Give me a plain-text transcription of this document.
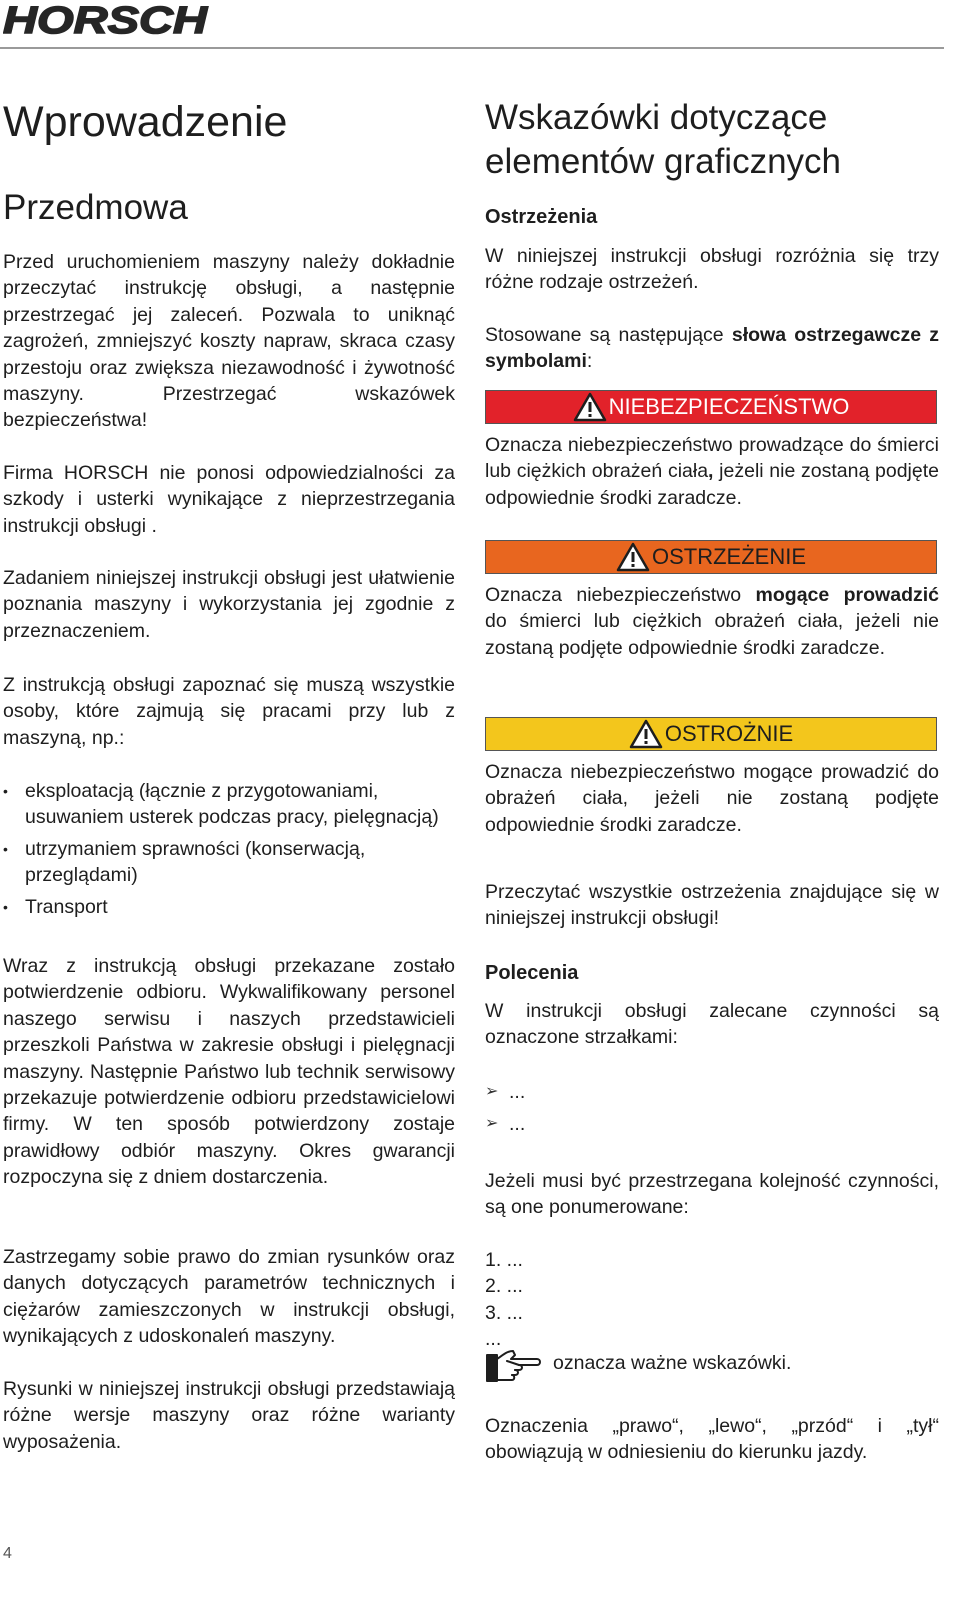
HORSCH
Wprowadzenie
Przedmowa

Przed uruchomieniem maszyny należy dokładnie przeczytać instrukcję obsługi, a następnie przestrzegać jej zaleceń. Pozwala to uniknąć zagrożeń, zmniejszyć koszty napraw, skraca czasy przestoju oraz zwiększa niezawodność i żywotność maszyny. Przestrzegać wskazówek bezpieczeństwa!

Firma HORSCH nie ponosi odpowiedzialności za szkody i usterki wynikające z nieprzestrzegania instrukcji obsługi .

Zadaniem niniejszej instrukcji obsługi jest ułatwienie poznania maszyny i wykorzystania jej zgodnie z przeznaczeniem.

Z instrukcją obsługi zapoznać się muszą wszystkie osoby, które zajmują się pracami przy lub z maszyną, np.:

• eksploatacją (łącznie z przygotowaniami, usuwaniem usterek podczas pracy, pielęgnacją)
• utrzymaniem sprawności (konserwacją, przeglądami)
• Transport

Wraz z instrukcją obsługi przekazane zostało potwierdzenie odbioru. Wykwalifikowany personel naszego serwisu i naszych przedstawicieli przeszkoli Państwa w zakresie obsługi i pielęgnacji maszyny. Następnie Państwo lub technik serwisowy przekazuje potwierdzenie odbioru przedstawicielowi firmy. W ten sposób potwierdzony zostaje prawidłowy odbiór maszyny. Okres gwarancji rozpoczyna się z dniem dostarczenia.

Zastrzegamy sobie prawo do zmian rysunków oraz danych dotyczących parametrów technicznych i ciężarów zamieszczonych w instrukcji obsługi, wynikających z udoskonaleń maszyny.

Rysunki w niniejszej instrukcji obsługi przedstawiają różne wersje maszyny oraz różne warianty wyposażenia.

Wskazówki dotyczące
elementów graficznych
Ostrzeżenia

W niniejszej instrukcji obsługi rozróżnia się trzy różne rodzaje ostrzeżeń.

Stosowane są następujące słowa ostrzegawcze z symbolami:

NIEBEZPIECZEŃSTWO

Oznacza niebezpieczeństwo prowadzące do śmierci lub ciężkich obrażeń ciała, jeżeli nie zostaną podjęte odpowiednie środki zaradcze.

OSTRZEŻENIE

Oznacza niebezpieczeństwo mogące prowadzić do śmierci lub ciężkich obrażeń ciała, jeżeli nie zostaną podjęte odpowiednie środki zaradcze.

OSTROŻNIE

Oznacza niebezpieczeństwo mogące prowadzić do obrażeń ciała, jeżeli nie zostaną podjęte odpowiednie środki zaradcze.

Przeczytać wszystkie ostrzeżenia znajdujące się w niniejszej instrukcji obsługi!

Polecenia

W instrukcji obsługi zalecane czynności są oznaczone strzałkami:

➢ ...
➢ ...

Jeżeli musi być przestrzegana kolejność czynności, są one ponumerowane:

1. ...
2. ...
3. ...
...

oznacza ważne wskazówki.

Oznaczenia „prawo“, „lewo“, „przód“ i „tył“ obowiązują w odniesieniu do kierunku jazdy.

4
